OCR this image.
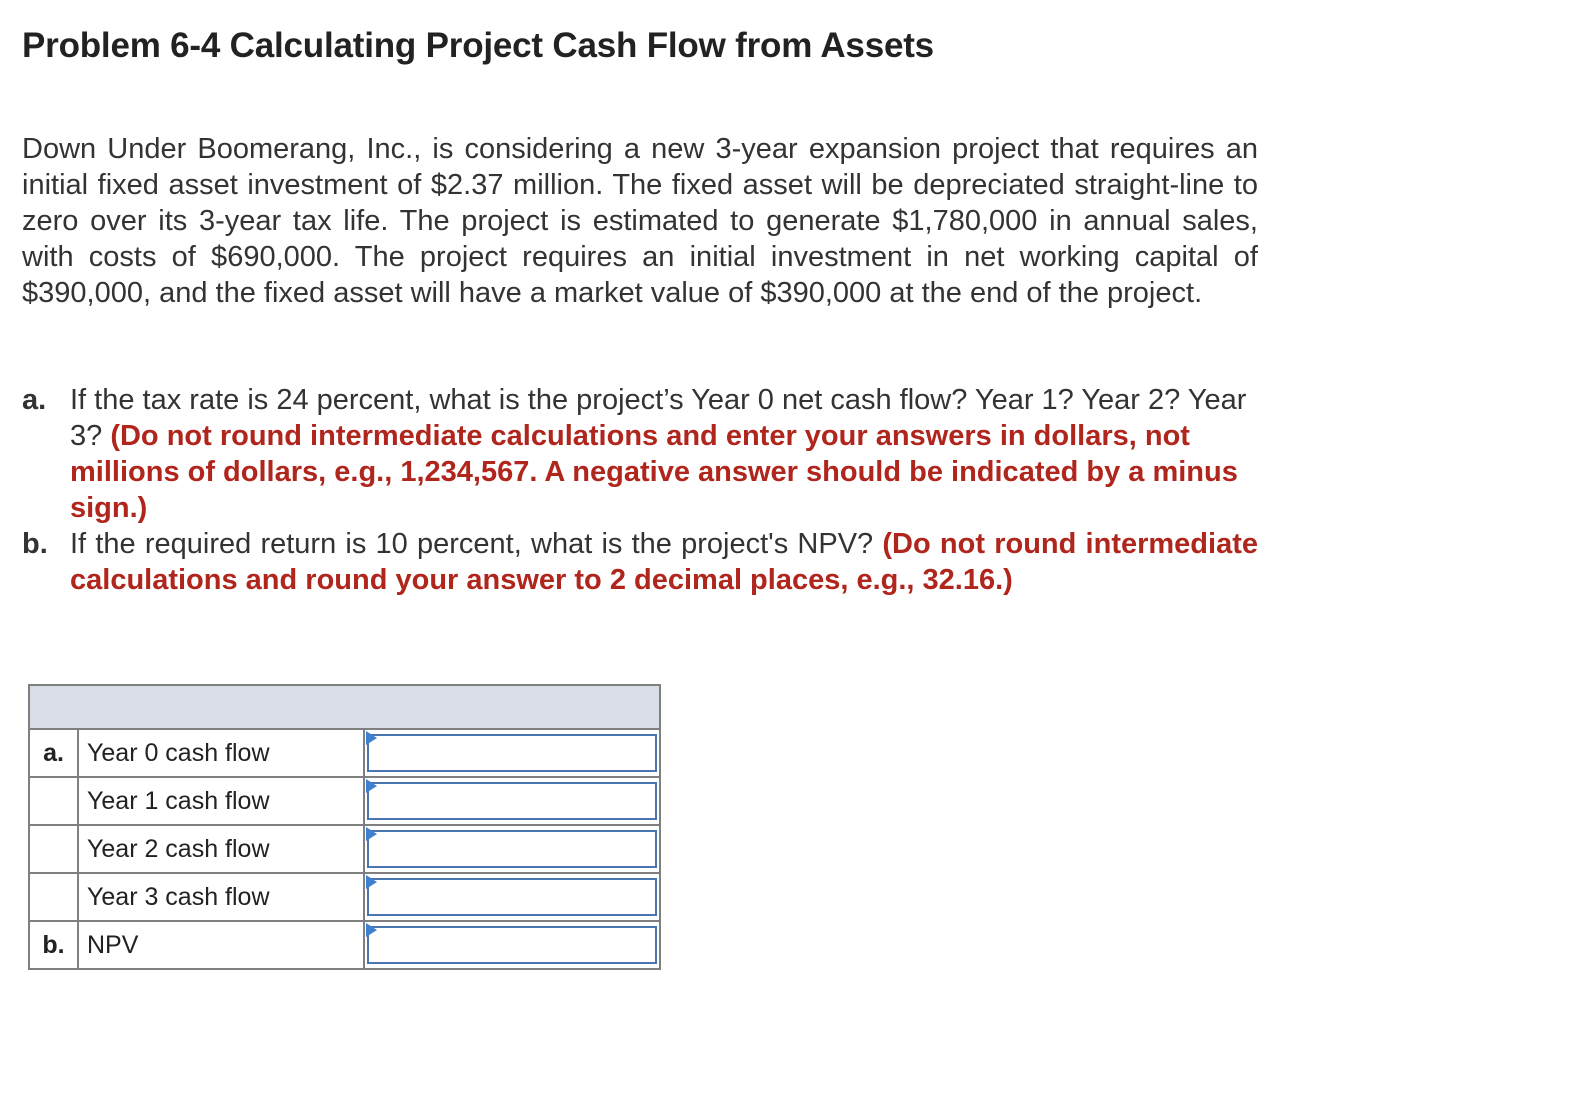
Problem 6-4 Calculating Project Cash Flow from Assets

Down Under Boomerang, Inc., is considering a new 3-year expansion project that requires an initial fixed asset investment of $2.37 million. The fixed asset will be depreciated straight-line to zero over its 3-year tax life. The project is estimated to generate $1,780,000 in annual sales, with costs of $690,000. The project requires an initial investment in net working capital of $390,000, and the fixed asset will have a market value of $390,000 at the end of the project.

a. If the tax rate is 24 percent, what is the project’s Year 0 net cash flow? Year 1? Year 2? Year 3? (Do not round intermediate calculations and enter your answers in dollars, not millions of dollars, e.g., 1,234,567. A negative answer should be indicated by a minus sign.)
b. If the required return is 10 percent, what is the project's NPV? (Do not round intermediate calculations and round your answer to 2 decimal places, e.g., 32.16.)

a.	Year 0 cash flow	

	Year 1 cash flow	

	Year 2 cash flow	

	Year 3 cash flow	

b.	NPV	
